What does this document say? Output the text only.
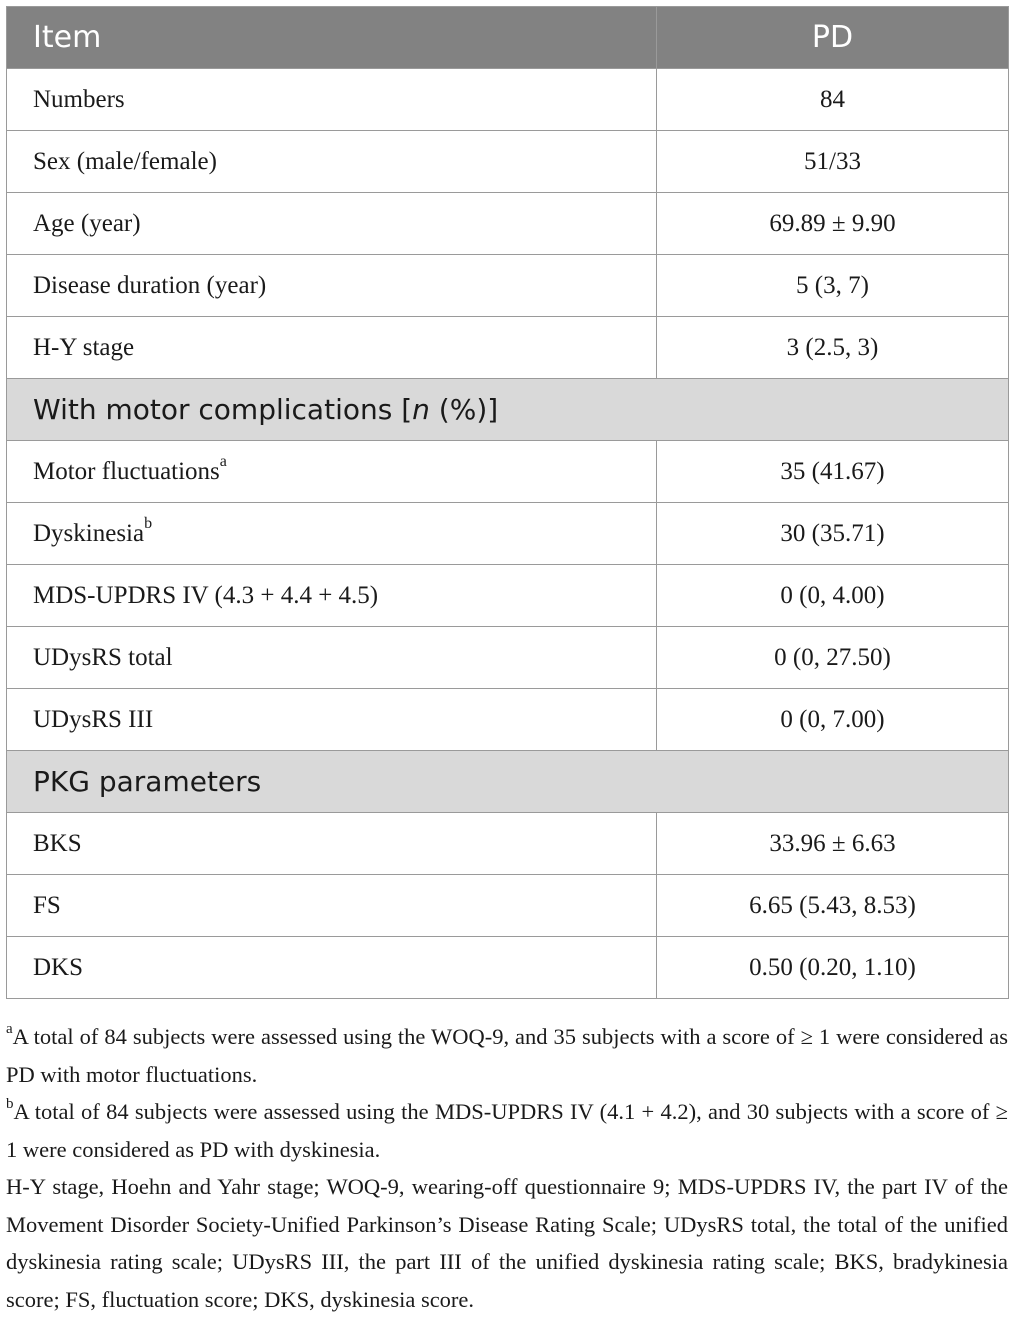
Item	PD
Numbers	84
Sex (male/female)	51/33
Age (year)	69.89 ± 9.90
Disease duration (year)	5 (3, 7)
H-Y stage	3 (2.5, 3)
With motor complications [n (%)]	
Motor fluctuations$^a$	35 (41.67)
Dyskinesia$^b$	30 (35.71)
MDS-UPDRS IV (4.3 + 4.4 + 4.5)	0 (0, 4.00)
UDysRS total	0 (0, 27.50)
UDysRS III	0 (0, 7.00)
PKG parameters	
BKS	33.96 ± 6.63
FS	6.65 (5.43, 8.53)
DKS	0.50 (0.20, 1.10)

$^a$A total of 84 subjects were assessed using the WOQ-9, and 35 subjects with a score of ≥ 1 were considered as PD with motor fluctuations.

$^b$A total of 84 subjects were assessed using the MDS-UPDRS IV (4.1 + 4.2), and 30 subjects with a score of ≥ 1 were considered as PD with dyskinesia.

H-Y stage, Hoehn and Yahr stage; WOQ-9, wearing-off questionnaire 9; MDS-UPDRS IV, the part IV of the Movement Disorder Society-Unified Parkinson’s Disease Rating Scale; UDysRS total, the total of the unified dyskinesia rating scale; UDysRS III, the part III of the unified dyskinesia rating scale; BKS, bradykinesia score; FS, fluctuation score; DKS, dyskinesia score.
